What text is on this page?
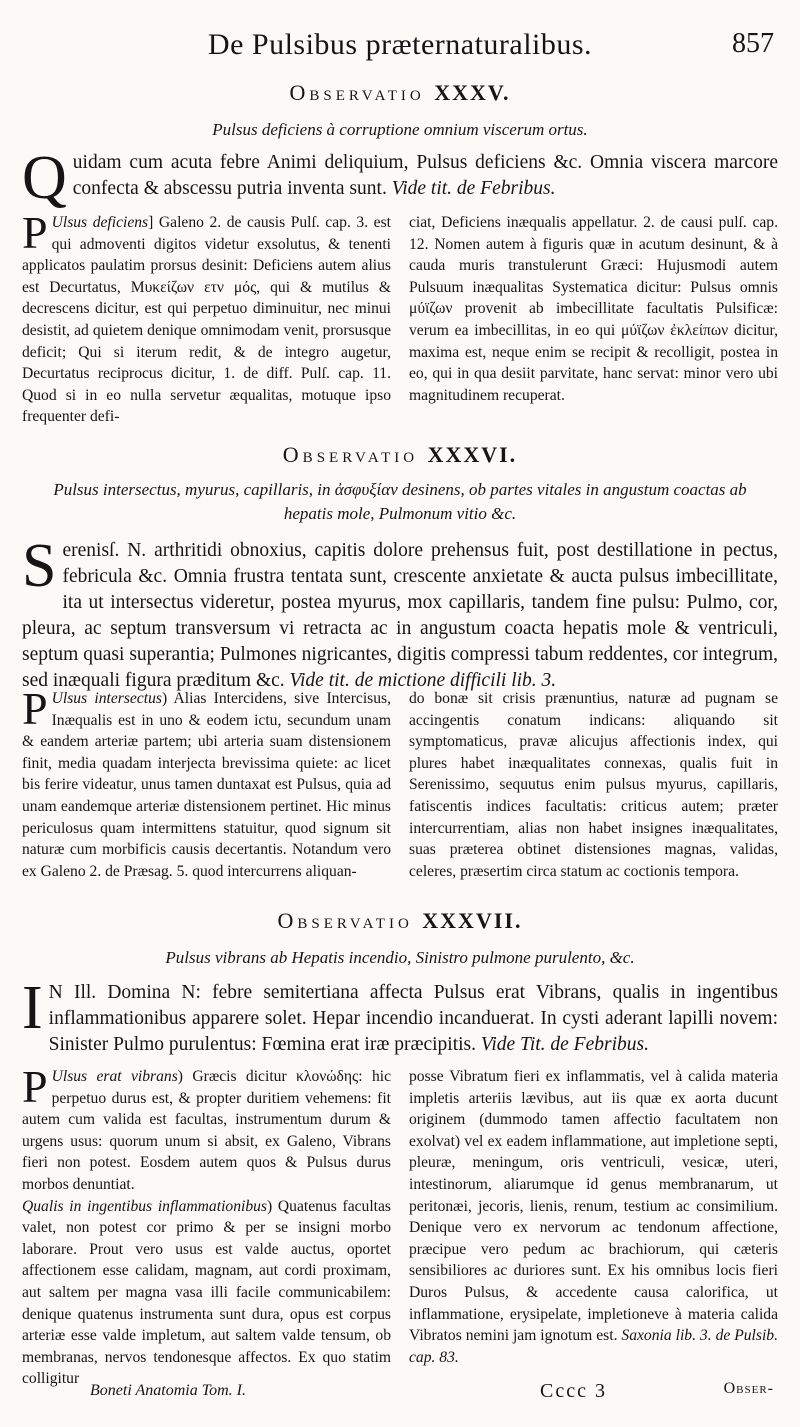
De Pulsibus præternaturalibus.	857
Observatio XXXV.
Pulsus deficiens à corruptione omnium viscerum ortus.
Quidam cum acuta febre Animi deliquium, Pulsus deficiens &c. Omnia viscera marcore confecta & abscessu putria inventa sunt. Vide tit. de Febribus.
P Ulsus deficiens] Galeno 2. de causis Pulſ. cap. 3. est qui admoventi digitos videtur exsolutus, & tenenti applicatos paulatim prorsus desinit: Deficiens autem alius est Decurtatus, Μυκείζων ετν μός, qui & mutilus & decrescens dicitur, est qui perpetuo diminuitur, nec minui desistit, ad quietem denique omnimodam venit, prorsusque deficit; Qui si iterum redit, & de integro augetur, Decurtatus reciprocus dicitur, 1. de diff. Pulſ. cap. 11. Quod si in eo nulla servetur æqualitas, motuque ipso frequenter defi-
ciat, Deficiens inæqualis appellatur. 2. de causi pulſ. cap. 12. Nomen autem à figuris quæ in acutum desinunt, & à cauda muris transtulerunt Græci: Hujusmodi autem Pulsuum inæqualitas Systematica dicitur: Pulsus omnis μύϊζων provenit ab imbecillitate facultatis Pulsificæ: verum ea imbecillitas, in eo qui μύϊζων ἐκλείπων dicitur, maxima est, neque enim se recipit & recolligit, postea in eo, qui in qua desiit parvitate, hanc servat: minor vero ubi magnitudinem recuperat.
Observatio XXXVI.
Pulsus intersectus, myurus, capillaris, in ἀσφυξίαν desinens, ob partes vitales in angustum coactas ab hepatis mole, Pulmonum vitio &c.
Serenisſ. N. arthritidi obnoxius, capitis dolore prehensus fuit, post destillatione in pectus, febricula &c. Omnia frustra tentata sunt, crescente anxietate & aucta pulsus imbecillitate, ita ut intersectus videretur, postea myurus, mox capillaris, tandem fine pulsu: Pulmo, cor, pleura, ac septum transversum vi retracta ac in angustum coacta hepatis mole & ventriculi, septum quasi superantia; Pulmones nigricantes, digitis compressi tabum reddentes, cor integrum, sed inæquali figura præditum &c. Vide tit. de mictione difficili lib. 3.
P Ulsus intersectus) Alias Intercidens, sive Intercisus, Inæqualis est in uno & eodem ictu, secundum unam & eandem arteriæ partem; ubi arteria suam distensionem finit, media quadam interjecta brevissima quiete: ac licet bis ferire videatur, unus tamen duntaxat est Pulsus, quia ad unam eandemque arteriæ distensionem pertinet. Hic minus periculosus quam intermittens statuitur, quod signum sit naturæ cum morbificis causis decertantis. Notandum vero ex Galeno 2. de Præsag. 5. quod intercurrens aliquan-
do bonæ sit crisis prænuntius, naturæ ad pugnam se accingentis conatum indicans: aliquando sit symptomaticus, pravæ alicujus affectionis index, qui plures habet inæqualitates connexas, qualis fuit in Serenissimo, sequutus enim pulsus myurus, capillaris, fatiscentis indices facultatis: criticus autem; præter intercurrentiam, alias non habet insignes inæqualitates, suas præterea obtinet distensiones magnas, validas, celeres, præsertim circa statum ac coctionis tempora.
Observatio XXXVII.
Pulsus vibrans ab Hepatis incendio, Sinistro pulmone purulento, &c.
I N Ill. Domina N: febre semitertiana affecta Pulsus erat Vibrans, qualis in ingentibus inflammationibus apparere solet. Hepar incendio incanduerat. In cysti aderant lapilli novem: Sinister Pulmo purulentus: Fœmina erat iræ præcipitis. Vide Tit. de Febribus.
P Ulsus erat vibrans) Græcis dicitur κλονώδης: hic perpetuo durus est, & propter duritiem vehemens: fit autem cum valida est facultas, instrumentum durum & urgens usus: quorum unum si absit, ex Galeno, Vibrans fieri non potest. Eosdem autem quos & Pulsus durus morbos denuntiat.
Qualis in ingentibus inflammationibus) Quatenus facultas valet, non potest cor primo & per se insigni morbo laborare. Prout vero usus est valde auctus, oportet affectionem esse calidam, magnam, aut cordi proximam, aut saltem per magna vasa illi facile communicabilem: denique quatenus instrumenta sunt dura, opus est corpus arteriæ esse valde impletum, aut saltem valde tensum, ob membranas, nervos tendonesque affectos. Ex quo statim colligitur
posse Vibratum fieri ex inflammatis, vel à calida materia impletis arteriis lævibus, aut iis quæ ex aorta ducunt originem (dummodo tamen affectio facultatem non exolvat) vel ex eadem inflammatione, aut impletione septi, pleuræ, meningum, oris ventriculi, vesicæ, uteri, intestinorum, aliarumque id genus membranarum, ut peritonæi, jecoris, lienis, renum, testium ac consimilium. Denique vero ex nervorum ac tendonum affectione, præcipue vero pedum ac brachiorum, qui cæteris sensibiliores ac duriores sunt. Ex his omnibus locis fieri Duros Pulsus, & accedente causa calorifica, ut inflammatione, erysipelate, impletioneve à materia calida Vibratos nemini jam ignotum est. Saxonia lib. 3. de Pulsib. cap. 83.
Boneti Anatomia Tom. I.	Cccc 3	Obser-
